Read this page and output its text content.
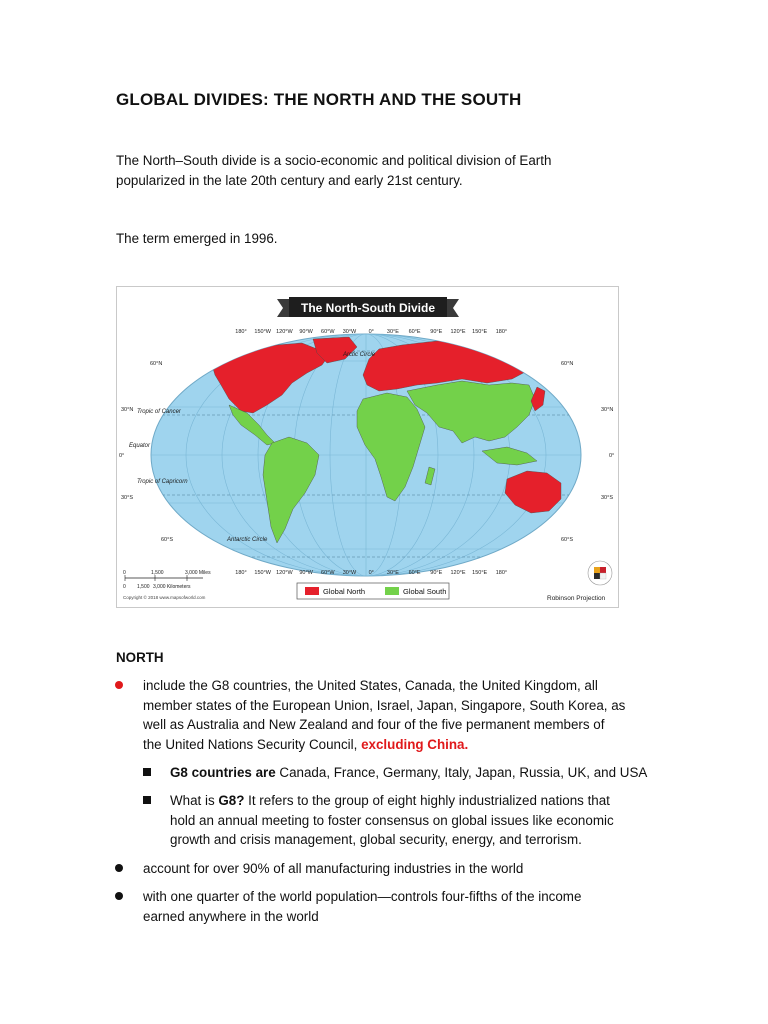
GLOBAL DIVIDES: THE NORTH AND THE SOUTH
The North–South divide is a socio-economic and political division of Earth
popularized in the late 20th century and early 21st century.
The term emerged in 1996.
The North-South Divide
180° 150°W 120°W 90°W 60°W 30°W 0° 30°E 60°E 90°E 120°E 150°E 180°
180° 150°W 120°W 90°W 60°W 30°W 0° 30°E 60°E 90°E 120°E 150°E 180°
60°N
30°N
0°
30°S
60°S
60°N
30°N
0°
30°S
60°S
Arctic Circle
Tropic of Cancer
Equator
Tropic of Capricorn
Antarctic Circle
0	1,500	3,000 Miles
0 1,500 3,000 Kilometers
Copyright © 2018 www.mapsofworld.com
Global North	Global South
Robinson Projection
NORTH
include the G8 countries, the United States, Canada, the United Kingdom, all
member states of the European Union, Israel, Japan, Singapore, South Korea, as
well as Australia and New Zealand and four of the five permanent members of
the United Nations Security Council, excluding China.
G8 countries are Canada, France, Germany, Italy, Japan, Russia, UK, and USA
What is G8? It refers to the group of eight highly industrialized nations that
hold an annual meeting to foster consensus on global issues like economic
growth and crisis management, global security, energy, and terrorism.
account for over 90% of all manufacturing industries in the world
with one quarter of the world population—controls four-fifths of the income
earned anywhere in the world
